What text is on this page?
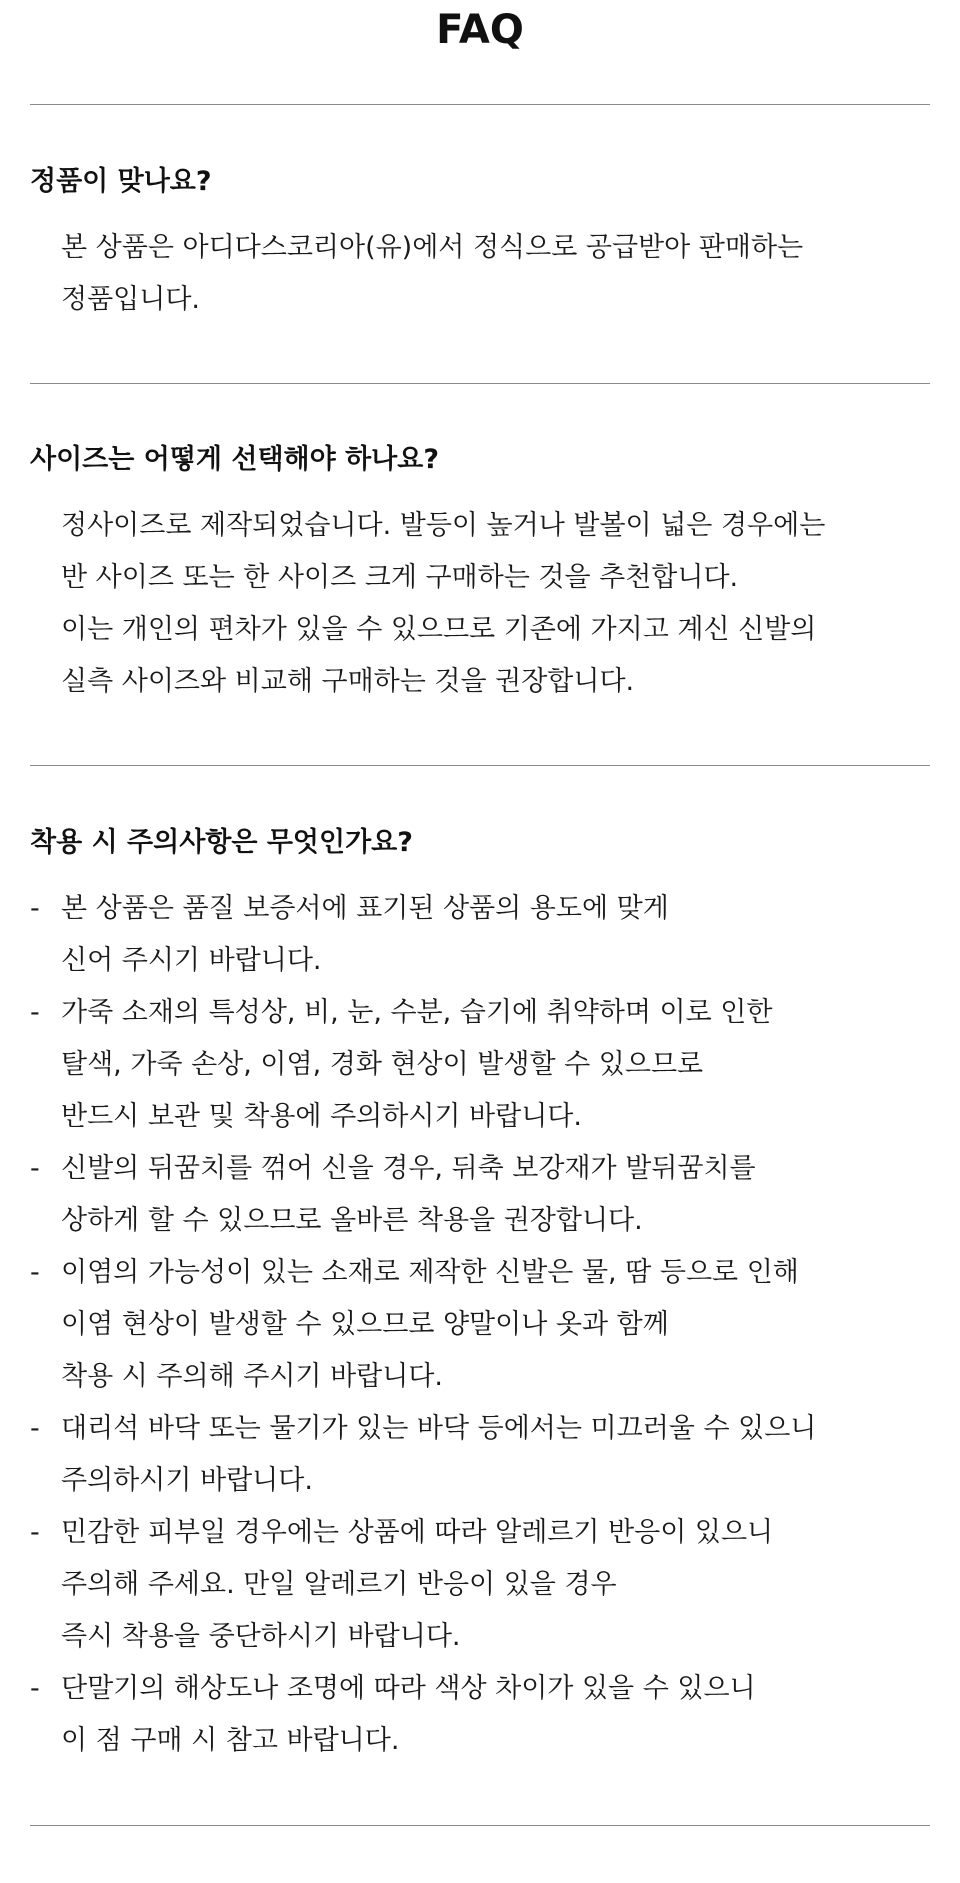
FAQ
정품이 맞나요?

본 상품은 아디다스코리아(유)에서 정식으로 공급받아 판매하는
정품입니다.

사이즈는 어떻게 선택해야 하나요?

정사이즈로 제작되었습니다. 발등이 높거나 발볼이 넓은 경우에는
반 사이즈 또는 한 사이즈 크게 구매하는 것을 추천합니다.
이는 개인의 편차가 있을 수 있으므로 기존에 가지고 계신 신발의
실측 사이즈와 비교해 구매하는 것을 권장합니다.

착용 시 주의사항은 무엇인가요?
- 본 상품은 품질 보증서에 표기된 상품의 용도에 맞게
신어 주시기 바랍니다.
- 가죽 소재의 특성상, 비, 눈, 수분, 습기에 취약하며 이로 인한
탈색, 가죽 손상, 이염, 경화 현상이 발생할 수 있으므로
반드시 보관 및 착용에 주의하시기 바랍니다.
- 신발의 뒤꿈치를 꺾어 신을 경우, 뒤축 보강재가 발뒤꿈치를
상하게 할 수 있으므로 올바른 착용을 권장합니다.
- 이염의 가능성이 있는 소재로 제작한 신발은 물, 땀 등으로 인해
이염 현상이 발생할 수 있으므로 양말이나 옷과 함께
착용 시 주의해 주시기 바랍니다.
- 대리석 바닥 또는 물기가 있는 바닥 등에서는 미끄러울 수 있으니
주의하시기 바랍니다.
- 민감한 피부일 경우에는 상품에 따라 알레르기 반응이 있으니
주의해 주세요. 만일 알레르기 반응이 있을 경우
즉시 착용을 중단하시기 바랍니다.
- 단말기의 해상도나 조명에 따라 색상 차이가 있을 수 있으니
이 점 구매 시 참고 바랍니다.
